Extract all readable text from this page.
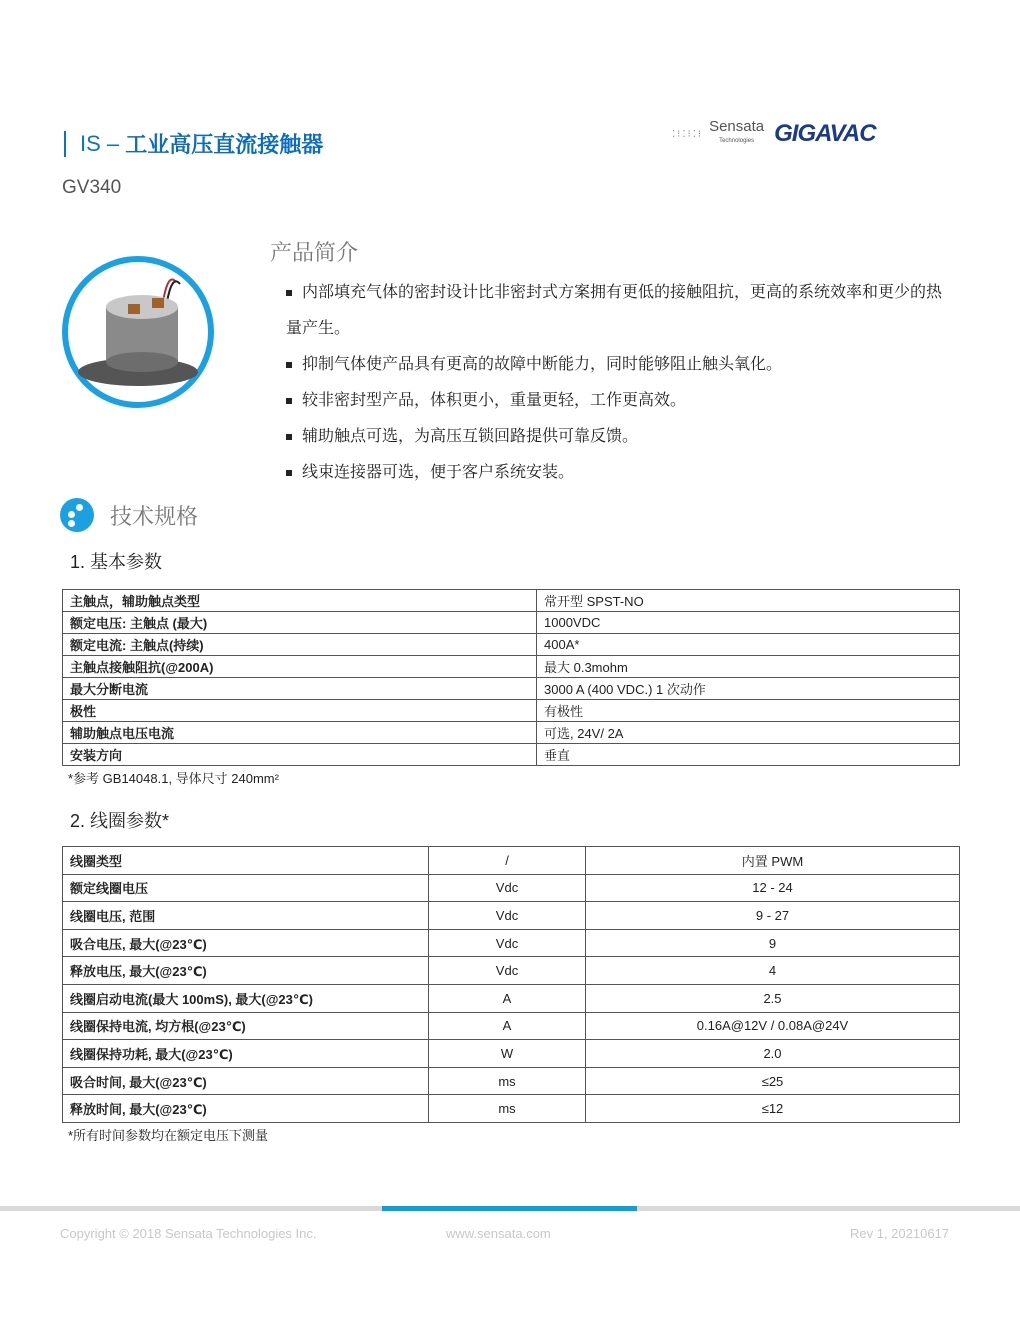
IS –
工业高压直流接触器
GV340
⁚⁝⁚⁝⁚⁝ Sensata
Technologies GIGAVAC
产品简介
内部填充气体的密封设计比非密封式方案拥有更低的接触阻抗，更高的系统效率和更少的热量产生。
抑制气体使产品具有更高的故障中断能力，同时能够阻止触头氧化。
较非密封型产品，体积更小，重量更轻，工作更高效。
辅助触点可选，为高压互锁回路提供可靠反馈。
线束连接器可选，便于客户系统安装。
技术规格
1. 基本参数
主触点，辅助触点类型	常开型 SPST-NO
额定电压: 主触点 (最大)	1000VDC
额定电流: 主触点(持续)	400A*
主触点接触阻抗(@200A)	最大 0.3mohm
最大分断电流	3000 A (400 VDC.) 1 次动作
极性	有极性
辅助触点电压电流	可选, 24V/ 2A
安装方向	垂直
*参考 GB14048.1, 导体尺寸 240mm²
2. 线圈参数*
线圈类型	/	内置 PWM
额定线圈电压	Vdc	12 - 24
线圈电压, 范围	Vdc	9 - 27
吸合电压, 最大(@23℃)	Vdc	9
释放电压, 最大(@23℃)	Vdc	4
线圈启动电流(最大 100mS), 最大(@23℃)	A	2.5
线圈保持电流, 均方根(@23℃)	A	0.16A@12V / 0.08A@24V
线圈保持功耗, 最大(@23℃)	W	2.0
吸合时间, 最大(@23℃)	ms	≤25
释放时间, 最大(@23℃)	ms	≤12
*所有时间参数均在额定电压下测量
Copyright © 2018 Sensata Technologies Inc.	www.sensata.com	Rev 1, 20210617
